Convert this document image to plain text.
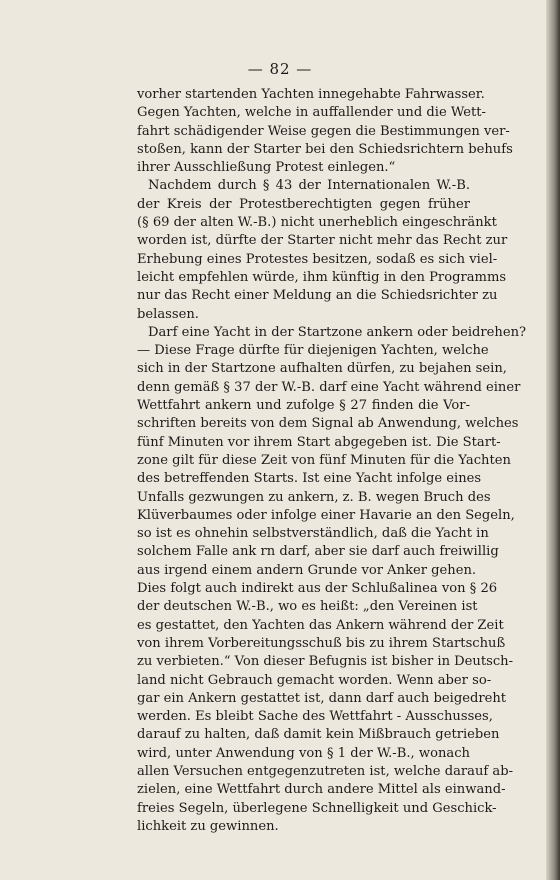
— 82 —
vorher startenden Yachten innegehabte Fahrwasser.
Gegen Yachten, welche in auffallender und die Wett-
fahrt schädigender Weise gegen die Bestimmungen ver-
stoßen, kann der Starter bei den Schiedsrichtern behufs
ihrer Ausschließung Protest einlegen.“
Nachdem durch § 43 der Internationalen W.-B.
der Kreis der Protestberechtigten gegen früher
(§ 69 der alten W.-B.) nicht unerheblich eingeschränkt
worden ist, dürfte der Starter nicht mehr das Recht zur
Erhebung eines Protestes besitzen, sodaß es sich viel-
leicht empfehlen würde, ihm künftig in den Programms
nur das Recht einer Meldung an die Schiedsrichter zu
belassen.
Darf eine Yacht in der Startzone ankern oder beidrehen?
— Diese Frage dürfte für diejenigen Yachten, welche
sich in der Startzone aufhalten dürfen, zu bejahen sein,
denn gemäß § 37 der W.-B. darf eine Yacht während einer
Wettfahrt ankern und zufolge § 27 finden die Vor-
schriften bereits von dem Signal ab Anwendung, welches
fünf Minuten vor ihrem Start abgegeben ist. Die Start-
zone gilt für diese Zeit von fünf Minuten für die Yachten
des betreffenden Starts. Ist eine Yacht infolge eines
Unfalls gezwungen zu ankern, z. B. wegen Bruch des
Klüverbaumes oder infolge einer Havarie an den Segeln,
so ist es ohnehin selbstverständlich, daß die Yacht in
solchem Falle ank rn darf, aber sie darf auch freiwillig
aus irgend einem andern Grunde vor Anker gehen.
Dies folgt auch indirekt aus der Schlußalinea von § 26
der deutschen W.-B., wo es heißt: „den Vereinen ist
es gestattet, den Yachten das Ankern während der Zeit
von ihrem Vorbereitungsschuß bis zu ihrem Startschuß
zu verbieten.“ Von dieser Befugnis ist bisher in Deutsch-
land nicht Gebrauch gemacht worden. Wenn aber so-
gar ein Ankern gestattet ist, dann darf auch beigedreht
werden. Es bleibt Sache des Wettfahrt - Ausschusses,
darauf zu halten, daß damit kein Mißbrauch getrieben
wird, unter Anwendung von § 1 der W.-B., wonach
allen Versuchen entgegenzutreten ist, welche darauf ab-
zielen, eine Wettfahrt durch andere Mittel als einwand-
freies Segeln, überlegene Schnelligkeit und Geschick-
lichkeit zu gewinnen.
